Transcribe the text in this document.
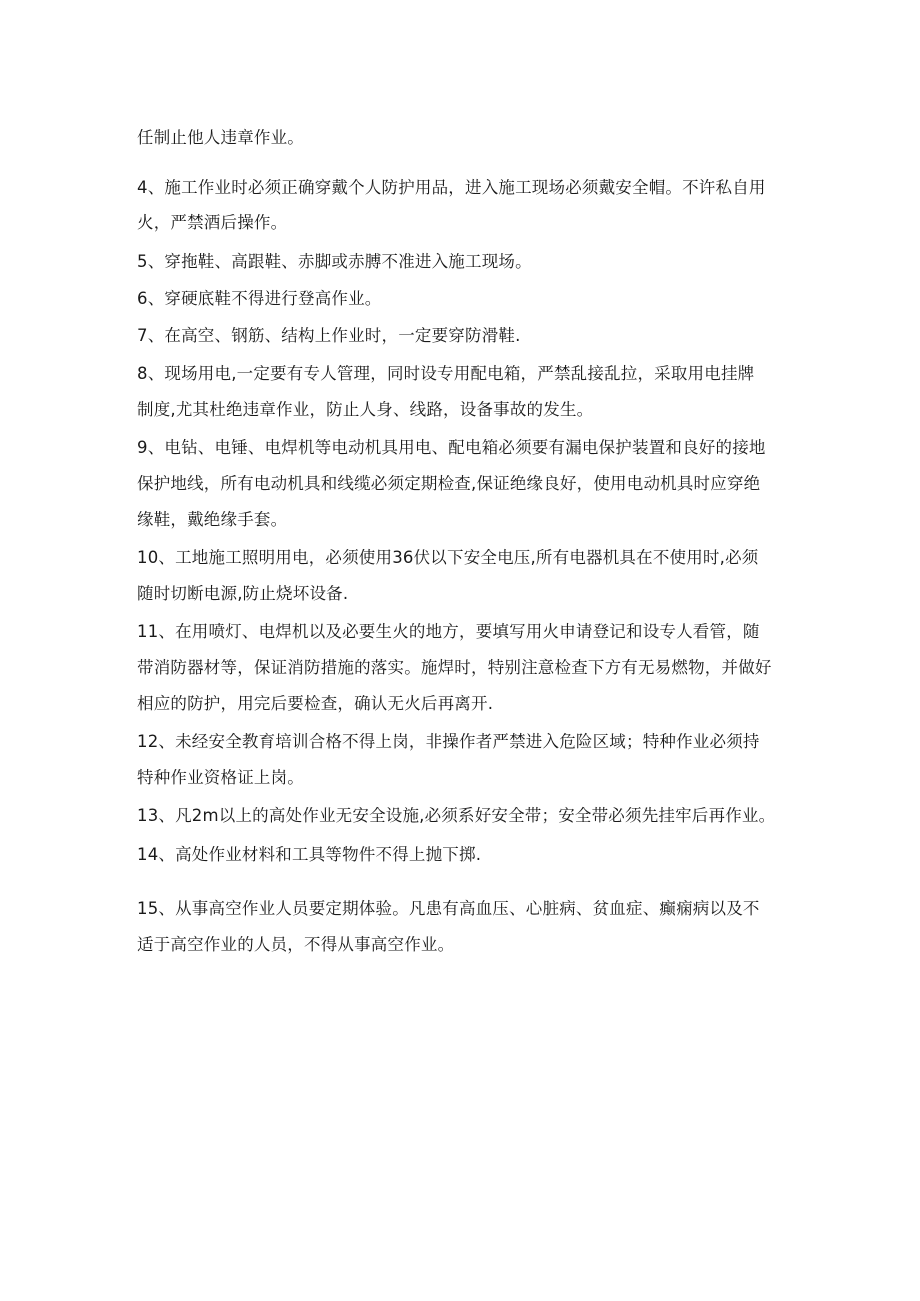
任制止他人违章作业。

4、施工作业时必须正确穿戴个人防护用品，进入施工现场必须戴安全帽。不许私自用

火，严禁酒后操作。

5、穿拖鞋、高跟鞋、赤脚或赤膊不准进入施工现场。

6、穿硬底鞋不得进行登高作业。

7、在高空、钢筋、结构上作业时，一定要穿防滑鞋.

8、现场用电,一定要有专人管理，同时设专用配电箱，严禁乱接乱拉，采取用电挂牌

制度,尤其杜绝违章作业，防止人身、线路，设备事故的发生。

9、电钻、电锤、电焊机等电动机具用电、配电箱必须要有漏电保护装置和良好的接地

保护地线，所有电动机具和线缆必须定期检查,保证绝缘良好，使用电动机具时应穿绝

缘鞋，戴绝缘手套。

10、工地施工照明用电，必须使用36伏以下安全电压,所有电器机具在不使用时,必须

随时切断电源,防止烧坏设备.

11、在用喷灯、电焊机以及必要生火的地方，要填写用火申请登记和设专人看管，随

带消防器材等，保证消防措施的落实。施焊时，特别注意检查下方有无易燃物，并做好

相应的防护，用完后要检查，确认无火后再离开.

12、未经安全教育培训合格不得上岗，非操作者严禁进入危险区域；特种作业必须持

特种作业资格证上岗。

13、凡2m以上的高处作业无安全设施,必须系好安全带；安全带必须先挂牢后再作业。

14、高处作业材料和工具等物件不得上抛下掷.

15、从事高空作业人员要定期体验。凡患有高血压、心脏病、贫血症、癫痫病以及不

适于高空作业的人员，不得从事高空作业。
